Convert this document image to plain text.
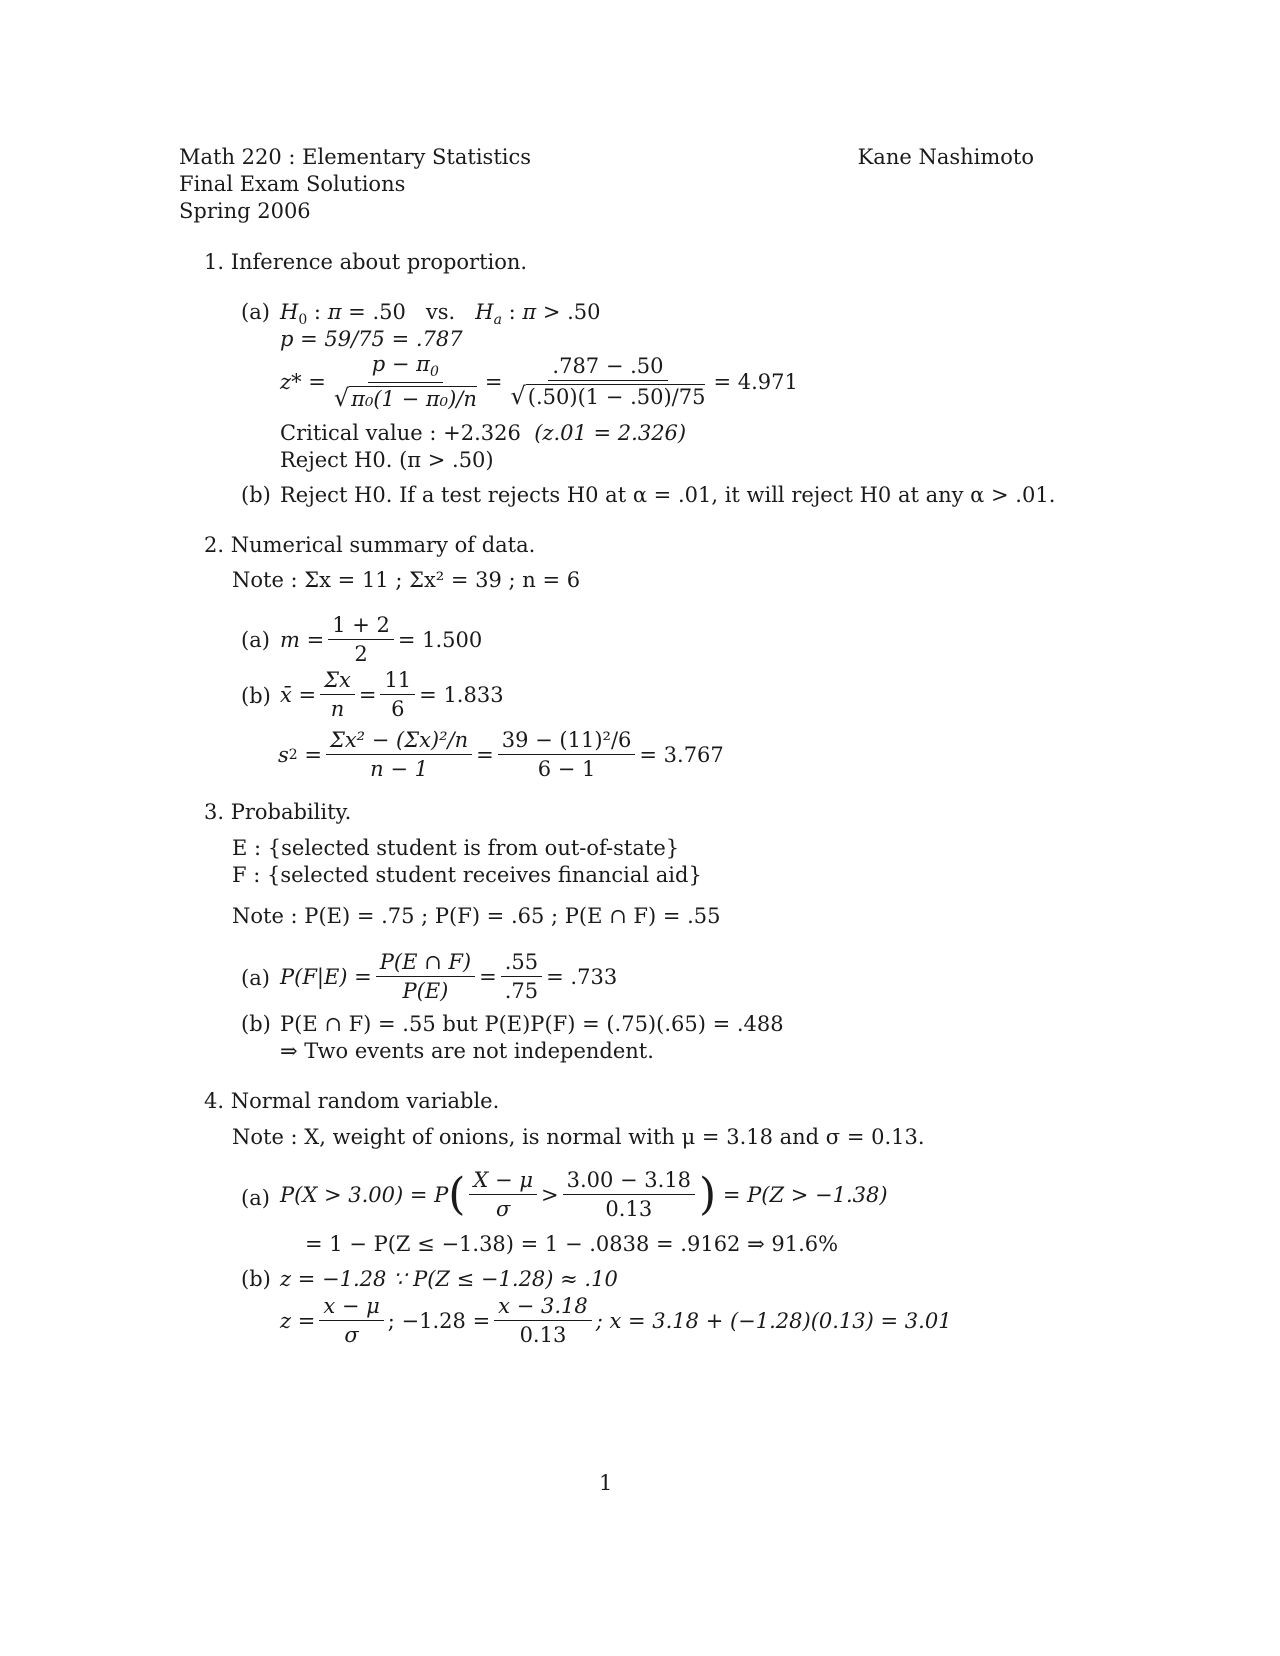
Math 220 : Elementary Statistics
Final Exam Solutions
Spring 2006
Kane Nashimoto
1. Inference about proportion.
(a) $H_0$ : π = .50   vs. $H_a$ : π > .50
p = 59/75 = .787
$z* = \frac{p - \pi_0}{\text{√π₀(1 − π₀)/n}} = \frac{.787 - .50}{√(.50)(1 - .50)/75} = 4.971$
Critical value : +2.326 (z.01 = 2.326)
Reject H0. (π > .50)
(b) Reject H0. If a test rejects H0 at α = .01, it will reject H0 at any α > .01.
2. Numerical summary of data.
Note : Σx = 11 ; Σx² = 39 ; n = 6
(a) $m = \frac{1 + 2}{2} = 1.500$
(b) x̄ = $\frac{\Sigma x}{n} = \frac{11}{6} = 1.833$
s $2 = \frac{\text{Σx² − (Σx)²/n}}{n - 1} = \frac{\text{39 − (11)²/6}}{6 - 1} = 3.767$
3. Probability.
E : {selected student is from out-of-state}
F : {selected student receives financial aid}
Note : P(E) = .75 ; P(F) = .65 ; P(E ∩ F) = .55
(a) $P(F|E) = \frac{P(E \cap F)}{P(E)} = \frac{.55}{.75} = .733$
(b) P(E ∩ F) = .55 but P(E)P(F) = (.75)(.65) = .488
⇒ Two events are not independent.
4. Normal random variable.
Note : X, weight of onions, is normal with μ = 3.18 and σ = 0.13.
(a) P(X > 3.00) = P ( $\frac{X - \mu}{\sigma} > \frac{3.00 - 3.18}{0.13}$ )
= P(Z > −1.38)
= 1 − P(Z ≤ −1.38) = 1 − .0838 = .9162 ⇒ 91.6%
(b) z = −1.28 ∵ P(Z ≤ −1.28) ≈ .10
$z = \frac{x - \mu}{\sigma}$ ; $-1.28 = \frac{x - 3.18}{0.13}$ ; x = 3.18 + (−1.28)(0.13) = 3.01
1
